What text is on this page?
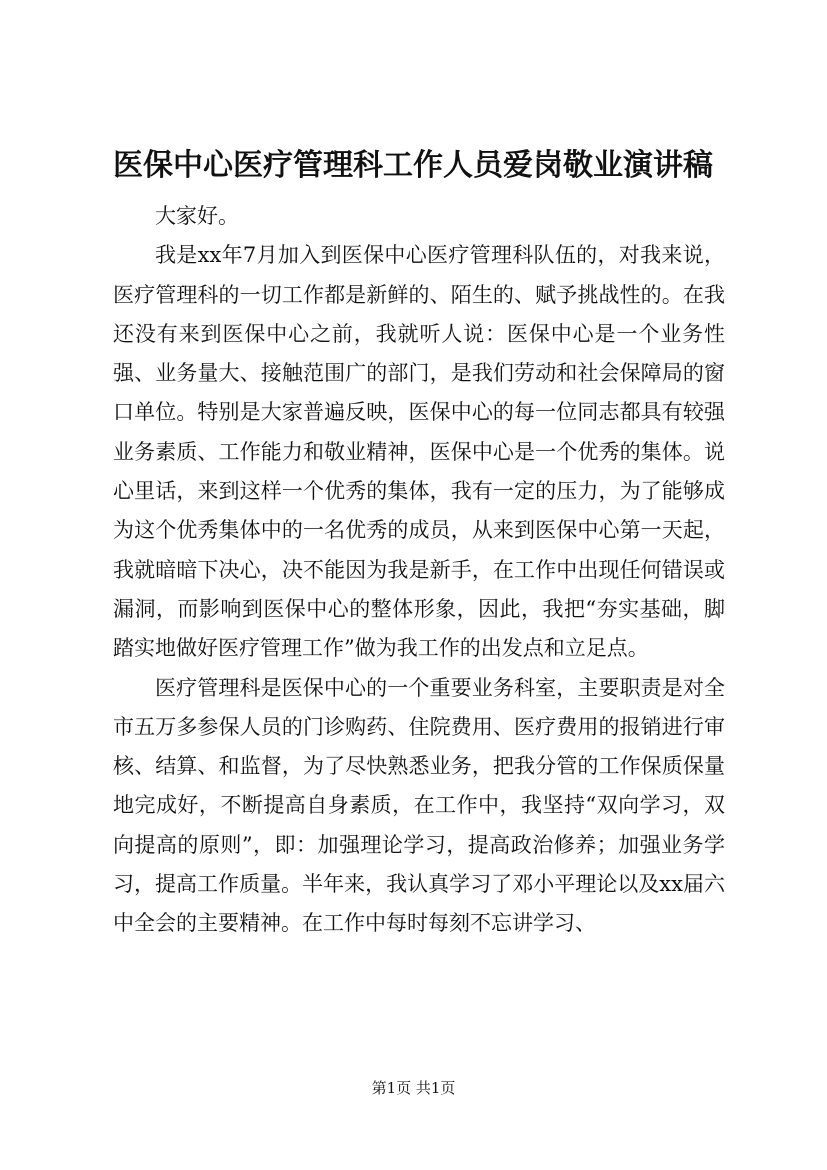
医保中心医疗管理科工作人员爱岗敬业演讲稿

大家好。

我是xx年7月加入到医保中心医疗管理科队伍的，对我来说，医疗管理科的一切工作都是新鲜的、陌生的、赋予挑战性的。在我还没有来到医保中心之前，我就听人说：医保中心是一个业务性强、业务量大、接触范围广的部门，是我们劳动和社会保障局的窗口单位。特别是大家普遍反映，医保中心的每一位同志都具有较强业务素质、工作能力和敬业精神，医保中心是一个优秀的集体。说心里话，来到这样一个优秀的集体，我有一定的压力，为了能够成为这个优秀集体中的一名优秀的成员，从来到医保中心第一天起，我就暗暗下决心，决不能因为我是新手，在工作中出现任何错误或漏洞，而影响到医保中心的整体形象，因此，我把“夯实基础，脚踏实地做好医疗管理工作”做为我工作的出发点和立足点。

医疗管理科是医保中心的一个重要业务科室，主要职责是对全市五万多参保人员的门诊购药、住院费用、医疗费用的报销进行审核、结算、和监督，为了尽快熟悉业务，把我分管的工作保质保量地完成好，不断提高自身素质，在工作中，我坚持“双向学习，双向提高的原则”，即：加强理论学习，提高政治修养；加强业务学习，提高工作质量。半年来，我认真学习了邓小平理论以及xx届六中全会的主要精神。在工作中每时每刻不忘讲学习、

第1页 共1页
